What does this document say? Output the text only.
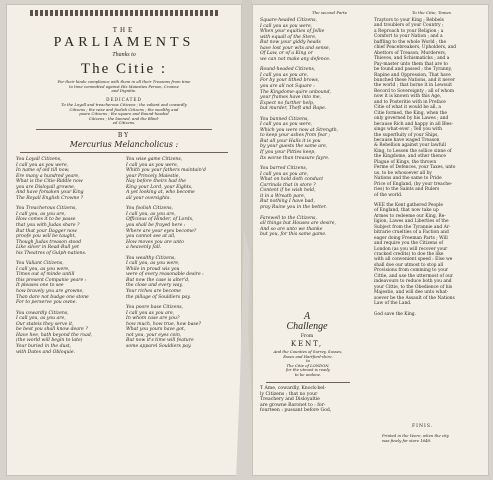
THE
PARLIAMENTS
Thanks to
The Citie :
For their kinde compliance with them in all their Treasons from time
to time committed against His Maiesties Person, Crowne
and Dignitie.
DEDICATED
To the Loyall and treacherous Citizens ; the valiant and cowardly
Citizens ; the wise and foolish Citizens ; the wealthy and
poore Citizens ; the square and Round-headed
Citizens ; the banned, and the Blind-
ed Citizens.
BY
Mercurius Melancholicus :
You Loyall Citizens,
I call you as you were,
In name of old till now,
Ere many a hundred yeare,
What is the Citie-Riddle now
you are Disloyall growne,
And have forsaken your King
The Royall English Crowne ?
You Treacherous Citizens,
I call you, as you are,
How comes it to be passe
that you with Judas share ?
But that your Dagger now
proofe you will be taught,
Though Judas treason stood
Like silver in Read-Bull yet
his Theatres of Gulph-nations.
You Valiant Citizens,
I call you, as you were,
Times out of minde untill
this present Companie yeare :
It pleases one to see
how bravely you are growne,
Than dare not budge one stone
For to perserve you owne.
You cowardly Citizens,
I call you, as you are,
Our stateis they serve it,
be best you shall know deare ?
Have hee, hath beyond the road,
(the world will begin to late)
Your buried in the dust,
with Dates and Obloquie.
You wise game Citizens,
I call you as you were,
Whith you your fathers maintain'd
your Princely Maiestie,
Nay before theirs had the
King your Lord, your Eights,
A yet looking at, who become
all your oversights.
You foolish Citizens,
I call you, as you are,
Officious of Hinder, of Lords,
you shall be frayed here :
Where are your eyes become?
you cannot see at all,
How moves you are unto
a heavenly fall.
You wealthy Citizens,
I call you, as you were,
While in proud wis you
were of every reasonable desire :
But now the case is alter'd,
the close and every way,
Your riches are become
the pillage of Souldiers pay.
You poore base Citizens,
I call you as you are,
In whom case are you?
how much, how true, how base?
What you yours have got,
not you, your eyes coin,
But now it's time will feature
some apparel Souldiers pay.
The second Parte	To the Citie, Tomes
Square-headed Citizens,
I call you as you were,
When your equities of Jellie
with equall of the Stere,
But now your giddy heads
have lost your wits and sense,
Of Law, or of a King or
we can not make any defence.
Round-headed Citizens,
I call you as you are,
For by your tithed brows,
you are all not Square :
The Kingdome-quire unbound,
your frames have into me,
Expect no further help,
but murder, Theft and Rape.
You banned Citizens,
I call you as you were,
Which you were now at Strength,
to keep your ashes from fear ;
But all your Halls it is you
by your guests the same are,
If you your Pitties keep,
Its worse than treasure fayre.
You barred Citizens,
I call you as you are,
What on hold doth conduct
Carrinals that in store ?
Content if he wish held,
it in a Wreath pare,
But nothing I have bad,
pray Ruine you in the better.
Farewell to the Citizens,
all things but Houses are desire,
And so are unto we thanke
but you, for this same game.
A
Challenge
From
KENT,
And the Counties of Surrey, Sussex,
Essex and Hartford-shire,
to
The Citie of LONDON,
for the utmost is ready
to be undone.
T Ame, cowardly, Knock-bel-
ly Citizens ; that no your
Treachery and Disloyaltie
are growne Baronet to : for-
fourteen : pussant before God,
Traytors to your King ; Rebbels
and troublers of your Country ;
a Reproach to your Religion ; a
Comfort to your Nation ; and a
baffling to the whole World ; the
chief Peacebreakers, Upholders, and
Abettors of Treason, Murderers,
Thieves, and Schismaticks ; and a
Pay-master unto them that are to
be found and passed ; the Tyranny,
Rapine and Oppression, That have
bunched these Nations, and it never
the world ; that borne it in Lewsuit
Record to Sovereignty ; all of whom
now it is known with this Age,
and to Posteritie with in Preface
Citie of what it would be all, a
Citie formed, the King, when the
only governed by his Lawes ; and
because Rich and happy in all Bles-
sings what-ever ; Tell you with
the superfluity of your Ships,
because have waged Treason
& Rebellion against your lawfull
King, to Lessen the sollice sinne of
the Kingdome, and other thence
Plague of Kings, the thrown
Ferme of Defences, your Taxes, unto
us, to be whosoever all by
Nations and the same to Pride
Price of England, (by your treache-
ries) to the Saints and Rulers
of the world.
WEE the Kent gathered People
of England, that now take up
Armes to redeeme our King, Re-
ligion, Lawes and Liberties of the
Subject from the Tyrannie and Ar-
bitrarie cruelties of a Faction and
eager doing Freeman Parts ; Will
and require you the Citizens of
London (as you will recover your
cracked credits) to doe the like
with all convenient speed : Else we
shall doe our utmost to stop all
Provisions from comming to your
Cittie, and use the uttermost of our
indeavours to reduce both you and
your Cittie, to the Obedience of his
Majestie, and will dee unto what-
soever be the Assault of the Nations
Law of the Land.
God save the King.
FINIS.
Printed in the Yeere, when the city
was finely for store 1648.
